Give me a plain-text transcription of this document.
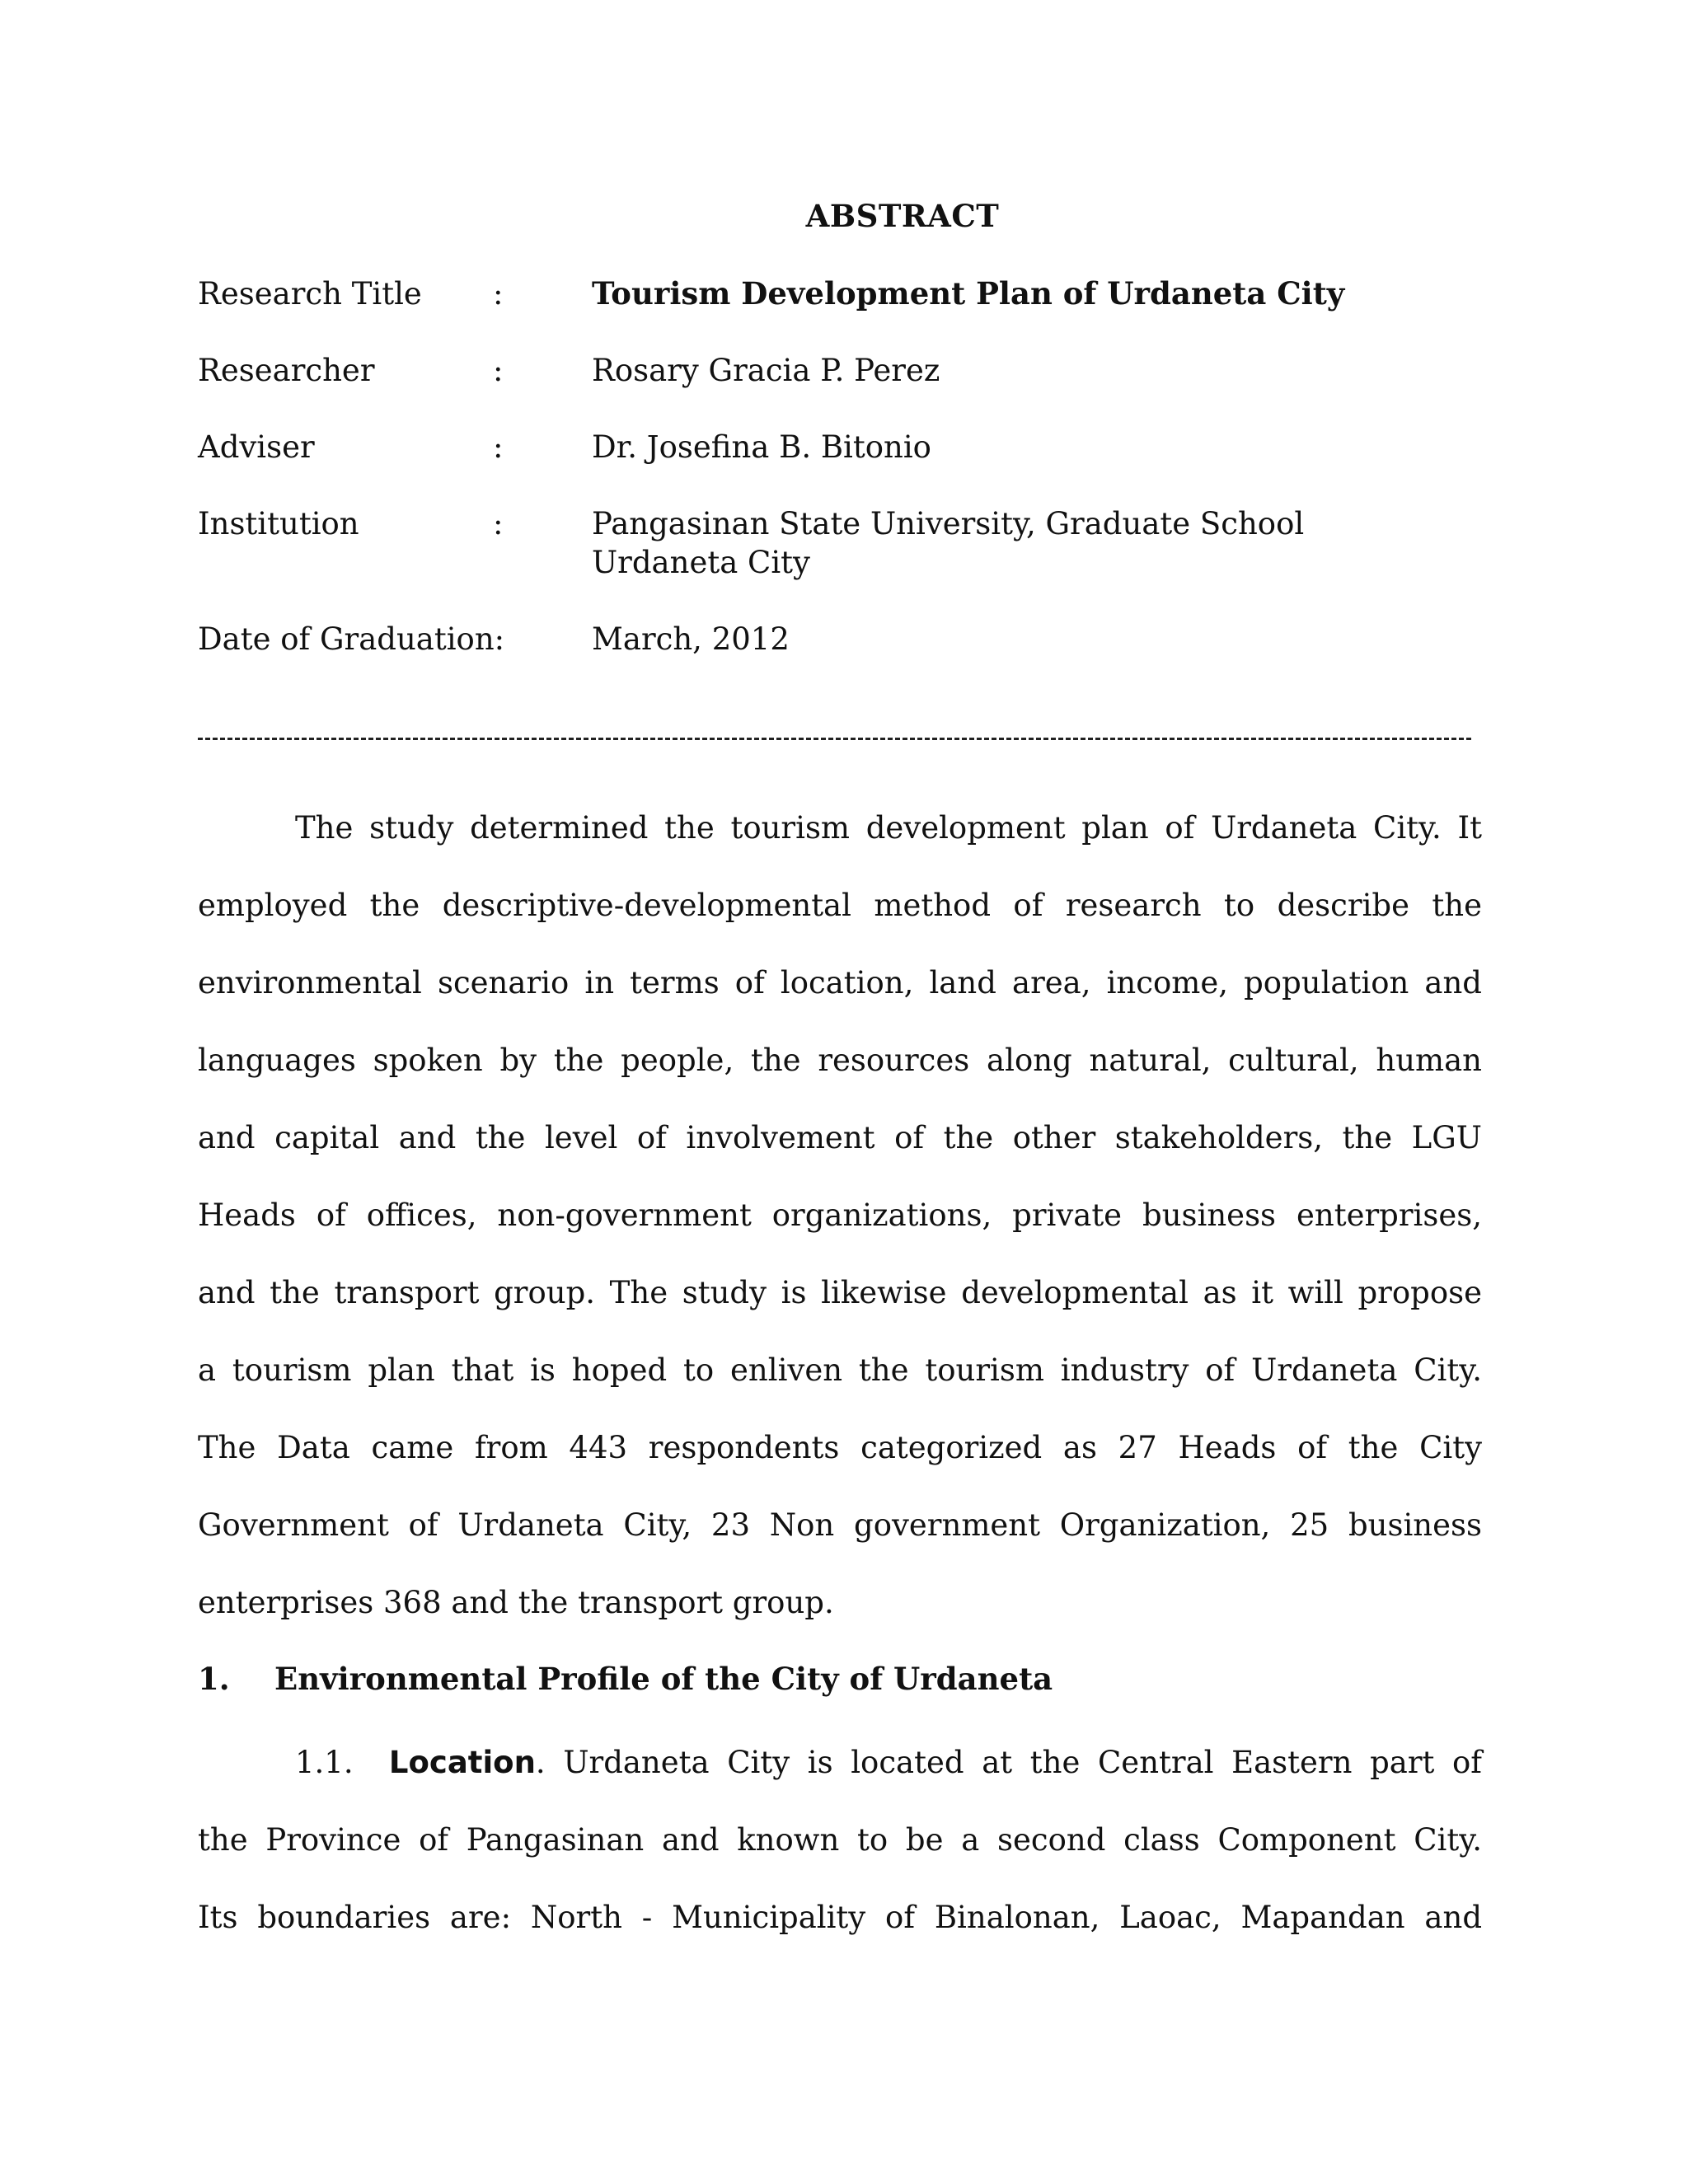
ABSTRACT
Research Title :	Tourism Development Plan of Urdaneta City
Researcher	:	Rosary Gracia P. Perez
Adviser	:	Dr. Josefina B. Bitonio
Institution	:	Pangasinan State University, Graduate School
Urdaneta City
Date of Graduation:	March, 2012
The study determined the tourism development plan of Urdaneta City. It
employed the descriptive-developmental method of research to describe the
environmental scenario in terms of location, land area, income, population and
languages spoken by the people, the resources along natural, cultural, human
and capital and the level of involvement of the other stakeholders, the LGU
Heads of offices, non-government organizations, private business enterprises,
and the transport group. The study is likewise developmental as it will propose
a tourism plan that is hoped to enliven the tourism industry of Urdaneta City.
The Data came from 443 respondents categorized as 27 Heads of the City
Government of Urdaneta City, 23 Non government Organization, 25 business
enterprises 368 and the transport group.
1. Environmental Profile of the City of Urdaneta
1.1. Location. Urdaneta City is located at the Central Eastern part of
the Province of Pangasinan and known to be a second class Component City.
Its boundaries are: North - Municipality of Binalonan, Laoac, Mapandan and
